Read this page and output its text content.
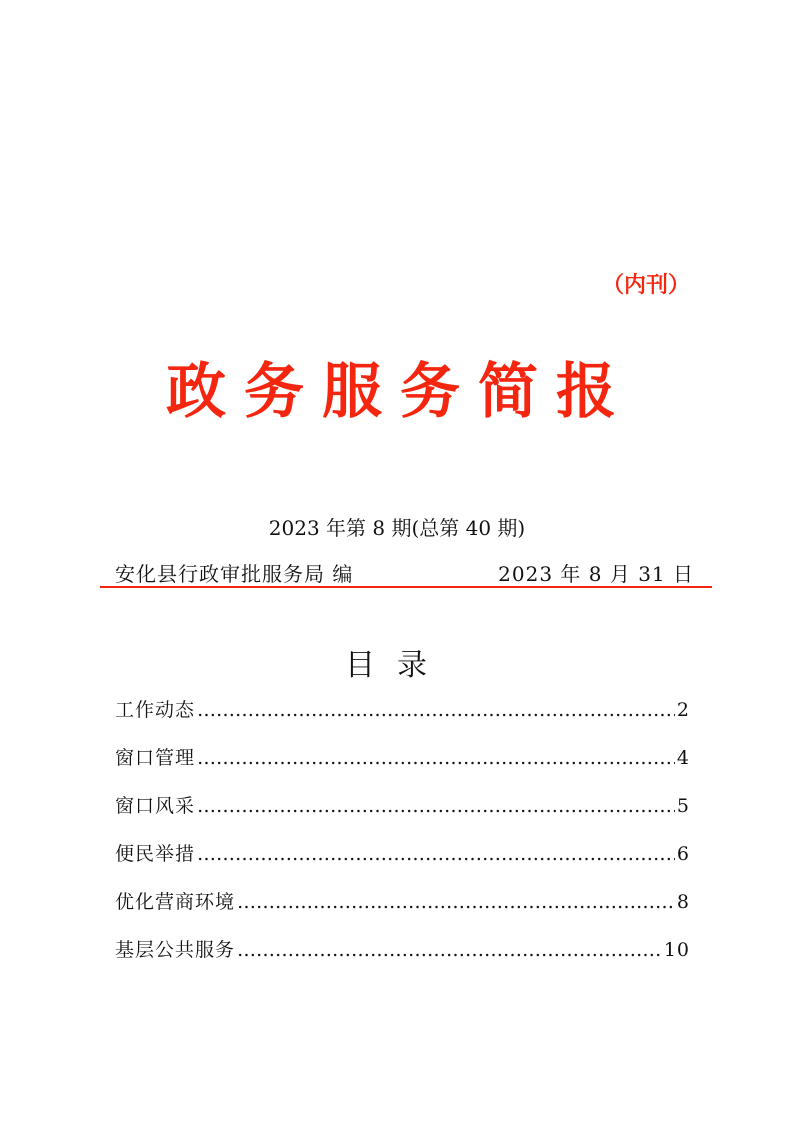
（内刊）
政务服务简报
2023 年第 8 期(总第 40 期)
安化县行政审批服务局 编	2023 年 8 月 31 日
目录
工作动态 ……………………………………………………………………………………………………………………………………	2
窗口管理 ……………………………………………………………………………………………………………………………………	4
窗口风采 ……………………………………………………………………………………………………………………………………	5
便民举措 ……………………………………………………………………………………………………………………………………	6
优化营商环境 ……………………………………………………………………………………………………………………………………	8
基层公共服务 ……………………………………………………………………………………………………………………………………	10
